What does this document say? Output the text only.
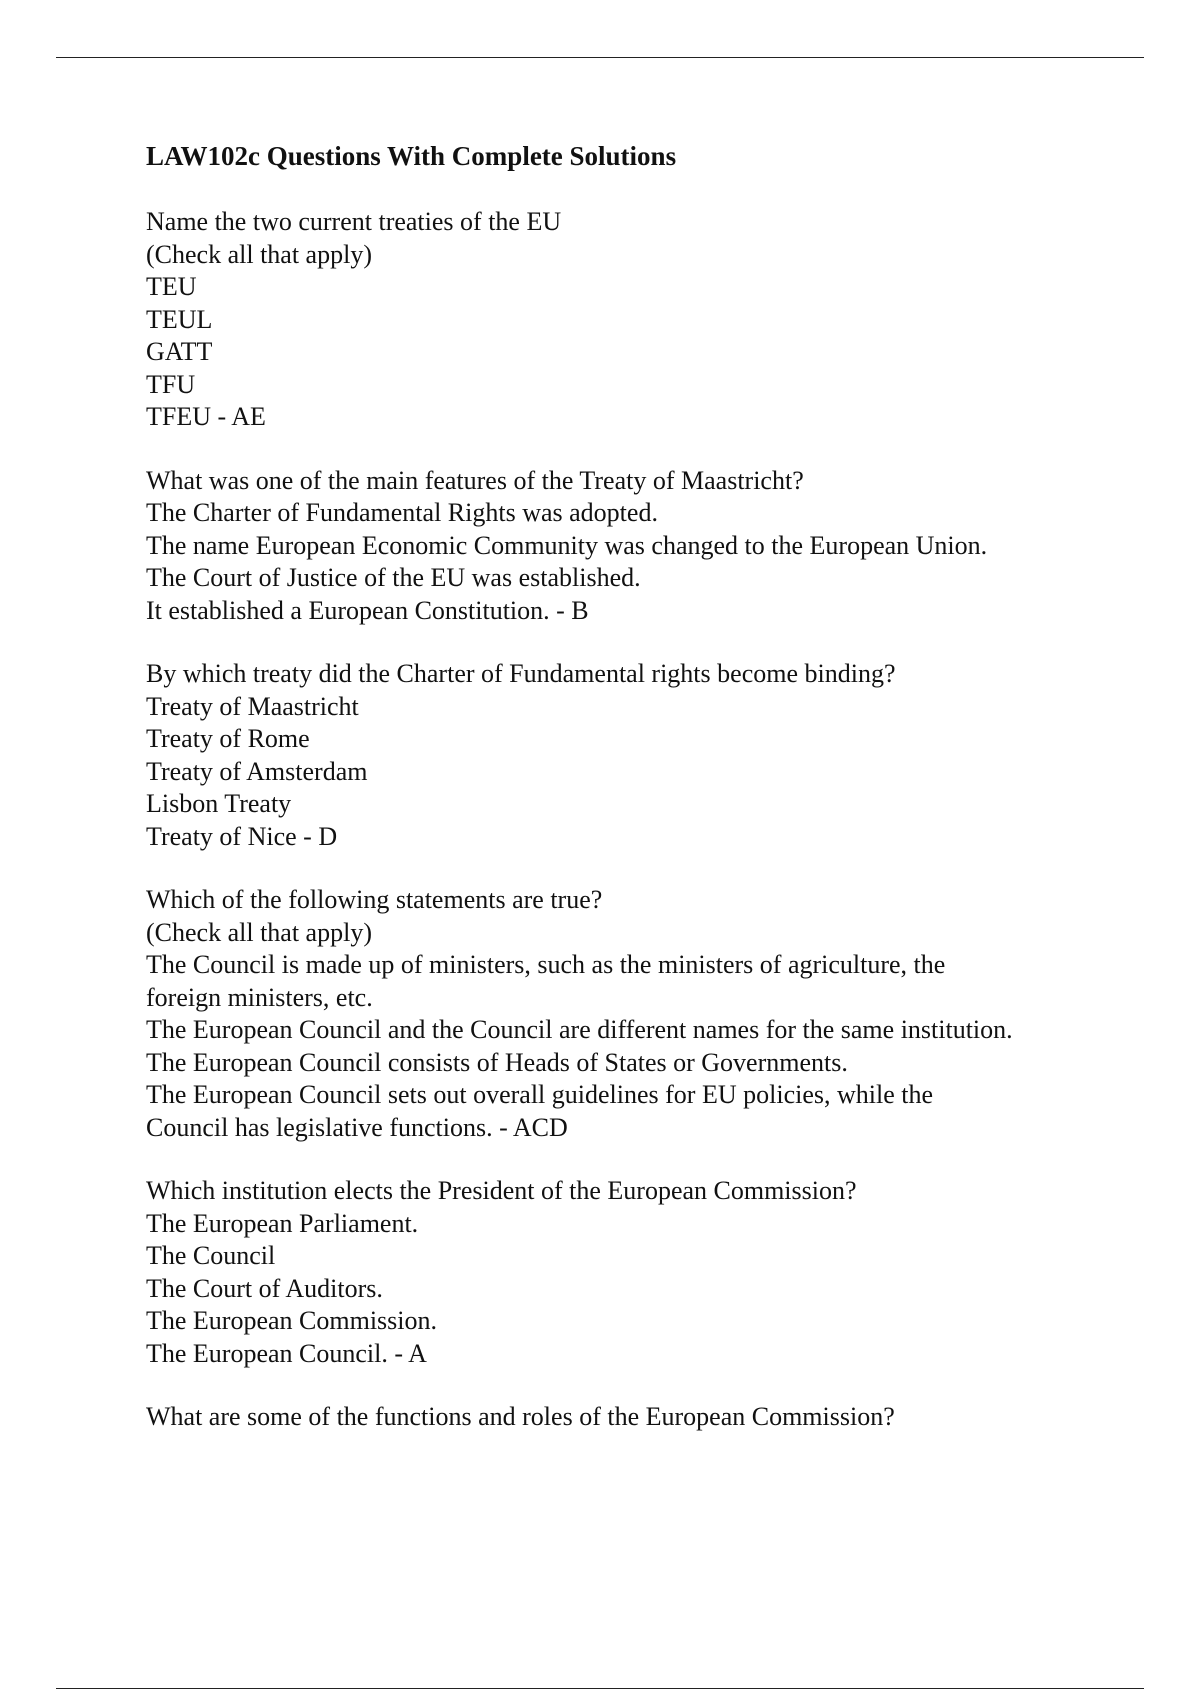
LAW102c Questions With Complete Solutions
Name the two current treaties of the EU
(Check all that apply)
TEU
TEUL
GATT
TFU
TFEU - AE
What was one of the main features of the Treaty of Maastricht?
The Charter of Fundamental Rights was adopted.
The name European Economic Community was changed to the European Union.
The Court of Justice of the EU was established.
It established a European Constitution. - B
By which treaty did the Charter of Fundamental rights become binding?
Treaty of Maastricht
Treaty of Rome
Treaty of Amsterdam
Lisbon Treaty
Treaty of Nice - D
Which of the following statements are true?
(Check all that apply)
The Council is made up of ministers, such as the ministers of agriculture, the
foreign ministers, etc.
The European Council and the Council are different names for the same institution.
The European Council consists of Heads of States or Governments.
The European Council sets out overall guidelines for EU policies, while the
Council has legislative functions. - ACD
Which institution elects the President of the European Commission?
The European Parliament.
The Council
The Court of Auditors.
The European Commission.
The European Council. - A
What are some of the functions and roles of the European Commission?
